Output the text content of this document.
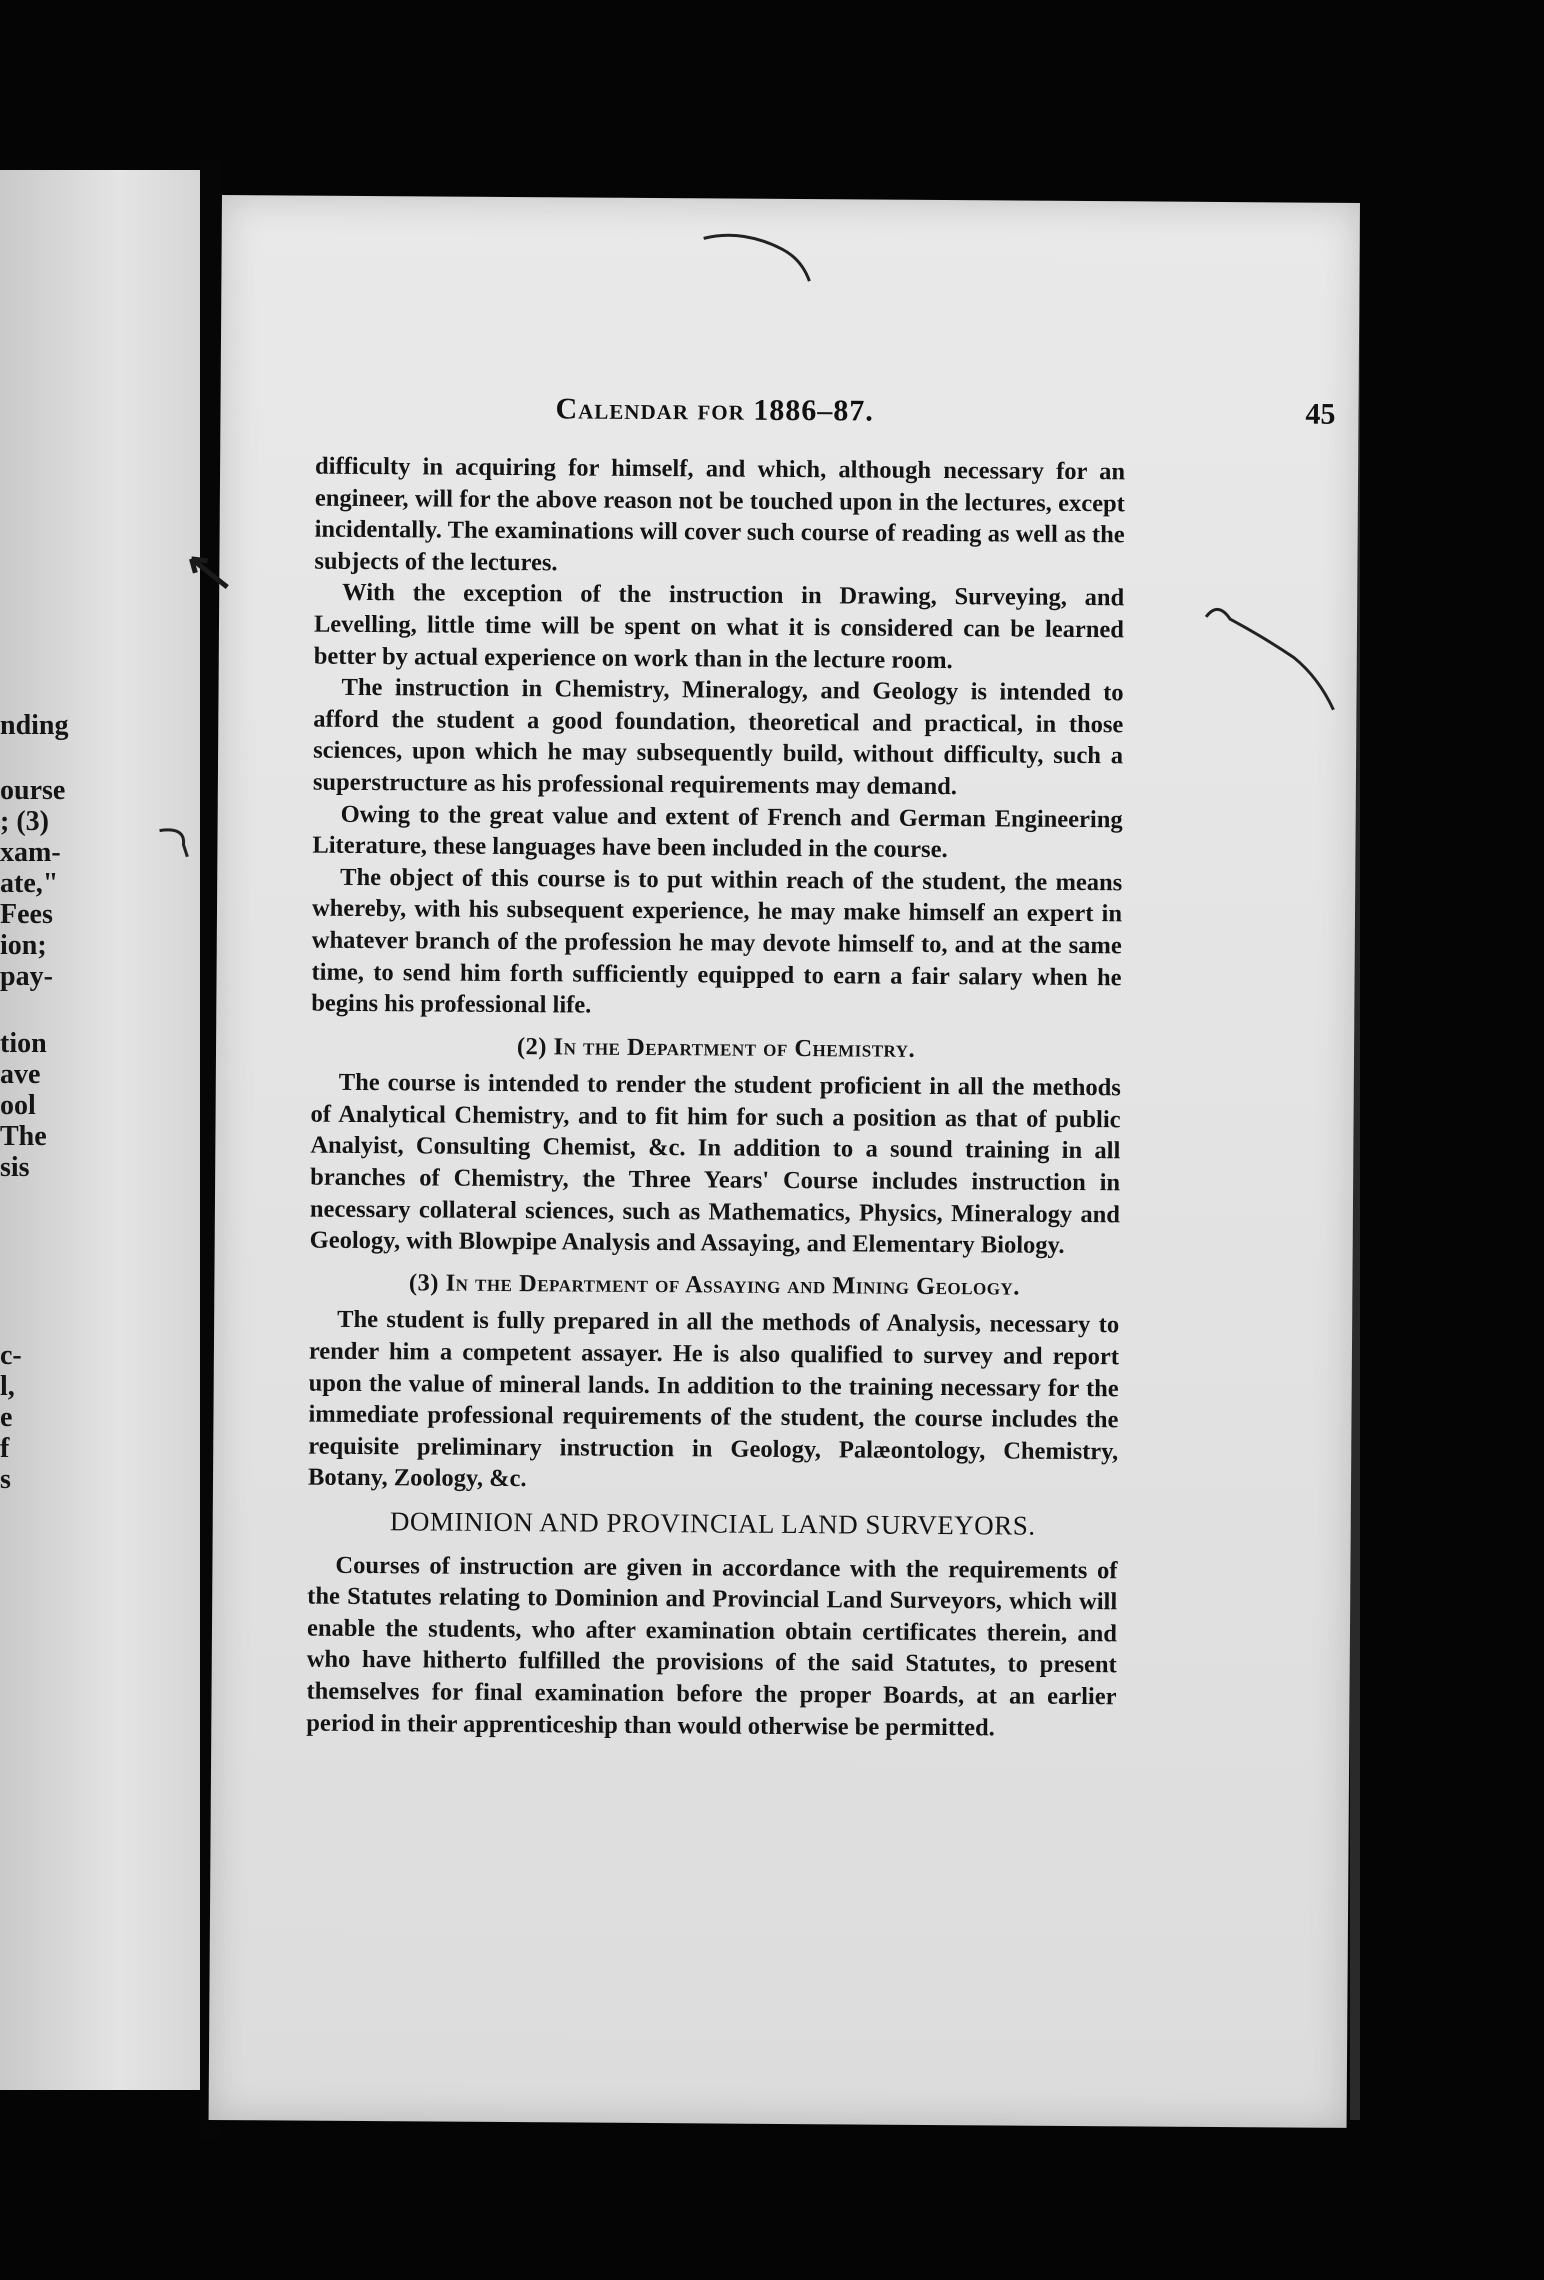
nding
ourse
; (3)
xam-
ate,"
Fees
ion;
pay-
tion
ave
ool
The
sis
c-
l,
e
f
s
Calendar for 1886–87.	45

difficulty in acquiring for himself, and which, although necessary for an engineer, will for the above reason not be touched upon in the lectures, except incidentally. The examinations will cover such course of reading as well as the subjects of the lectures.

With the exception of the instruction in Drawing, Surveying, and Levelling, little time will be spent on what it is considered can be learned better by actual experience on work than in the lecture room.

The instruction in Chemistry, Mineralogy, and Geology is intended to afford the student a good foundation, theoretical and practical, in those sciences, upon which he may subsequently build, without difficulty, such a superstructure as his professional requirements may demand.

Owing to the great value and extent of French and German Engineering Literature, these languages have been included in the course.

The object of this course is to put within reach of the student, the means whereby, with his subsequent experience, he may make himself an expert in whatever branch of the profession he may devote himself to, and at the same time, to send him forth sufficiently equipped to earn a fair salary when he begins his professional life.

(2) In the Department of Chemistry.

The course is intended to render the student proficient in all the methods of Analytical Chemistry, and to fit him for such a position as that of public Analyist, Consulting Chemist, &c. In addition to a sound training in all branches of Chemistry, the Three Years' Course includes instruction in necessary collateral sciences, such as Mathematics, Physics, Mineralogy and Geology, with Blowpipe Analysis and Assaying, and Elementary Biology.

(3) In the Department of Assaying and Mining Geology.

The student is fully prepared in all the methods of Analysis, necessary to render him a competent assayer. He is also qualified to survey and report upon the value of mineral lands. In addition to the training necessary for the immediate professional requirements of the student, the course includes the requisite preliminary instruction in Geology, Palæontology, Chemistry, Botany, Zoology, &c.

DOMINION AND PROVINCIAL LAND SURVEYORS.

Courses of instruction are given in accordance with the requirements of the Statutes relating to Dominion and Provincial Land Surveyors, which will enable the students, who after examination obtain certificates therein, and who have hitherto fulfilled the provisions of the said Statutes, to present themselves for final examination before the proper Boards, at an earlier period in their apprenticeship than would otherwise be permitted.
